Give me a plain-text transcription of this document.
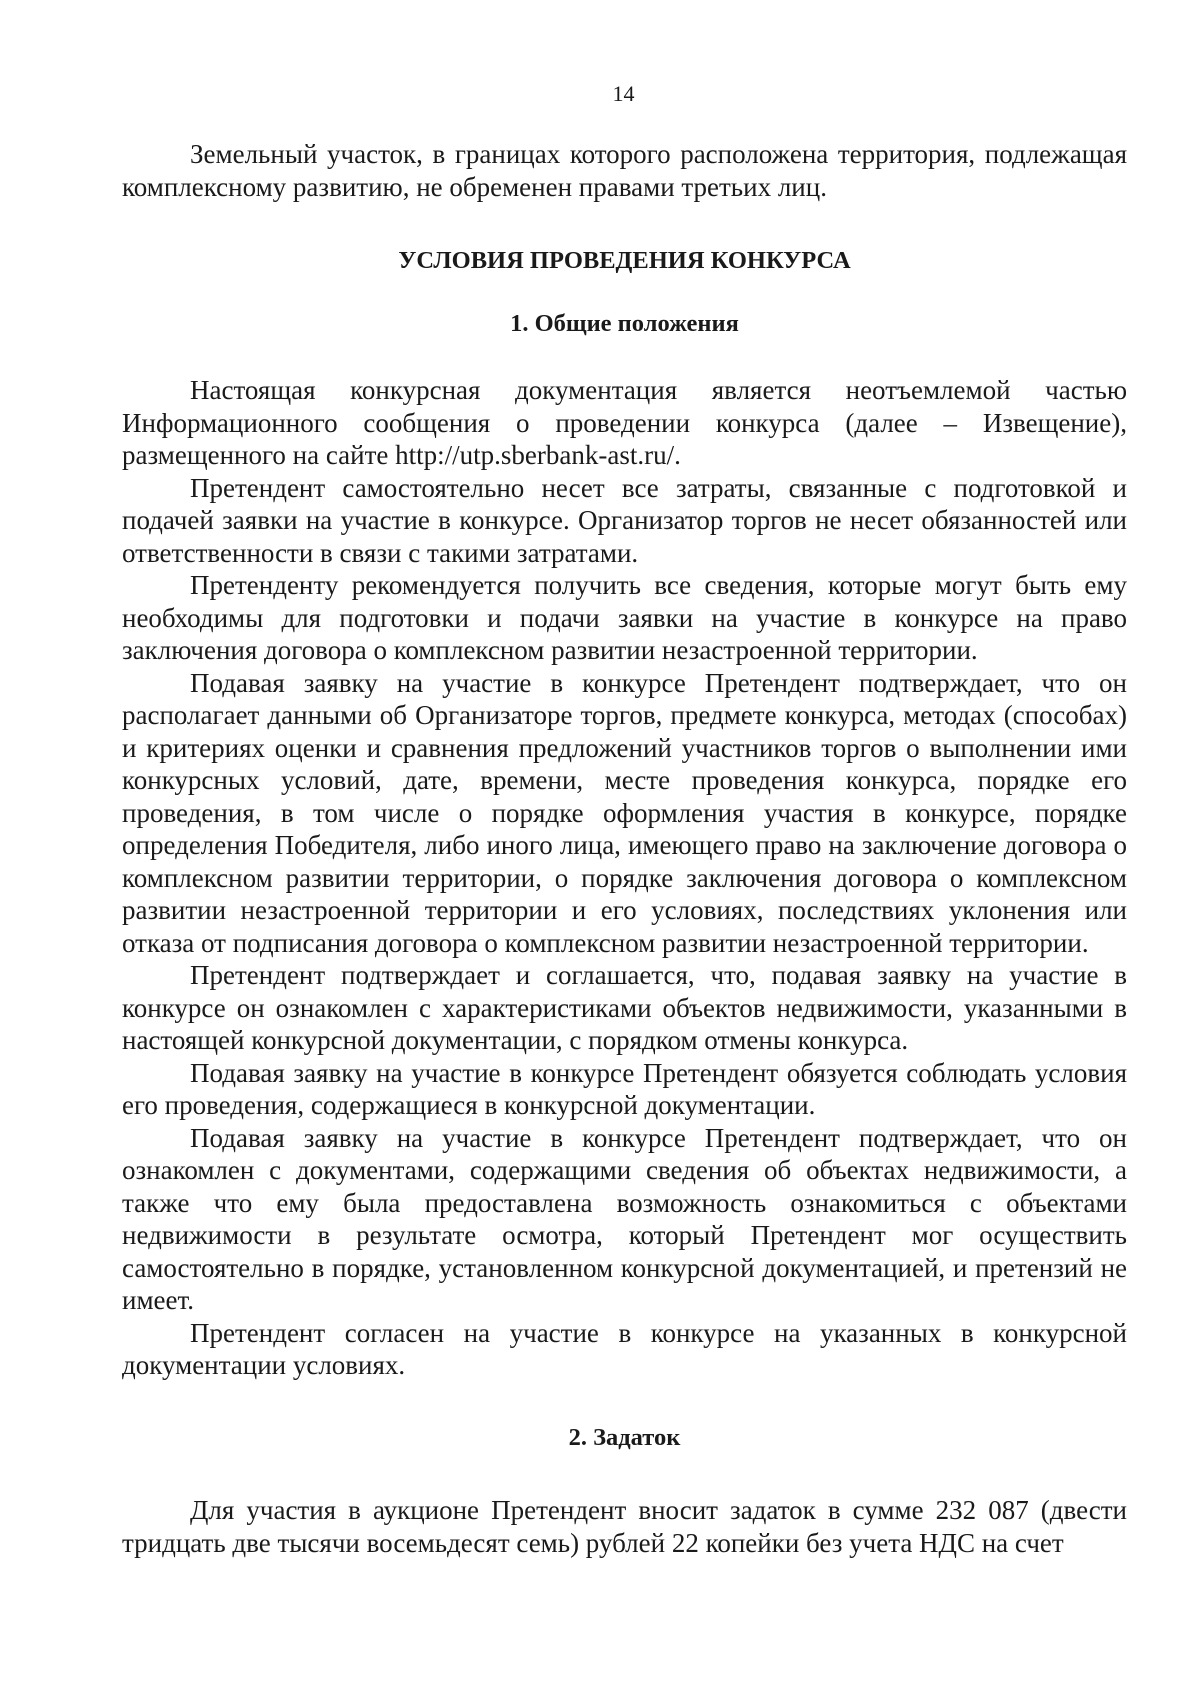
14

Земельный участок, в границах которого расположена территория, подлежащая комплексному развитию, не обременен правами третьих лиц.

УСЛОВИЯ ПРОВЕДЕНИЯ КОНКУРСА
1. Общие положения

Настоящая конкурсная документация является неотъемлемой частью Информационного сообщения о проведении конкурса (далее – Извещение), размещенного на сайте http://utp.sberbank-ast.ru/.

Претендент самостоятельно несет все затраты, связанные с подготовкой и подачей заявки на участие в конкурсе. Организатор торгов не несет обязанностей или ответственности в связи с такими затратами.

Претенденту рекомендуется получить все сведения, которые могут быть ему необходимы для подготовки и подачи заявки на участие в конкурсе на право заключения договора о комплексном развитии незастроенной территории.

Подавая заявку на участие в конкурсе Претендент подтверждает, что он располагает данными об Организаторе торгов, предмете конкурса, методах (способах) и критериях оценки и сравнения предложений участников торгов о выполнении ими конкурсных условий, дате, времени, месте проведения конкурса, порядке его проведения, в том числе о порядке оформления участия в конкурсе, порядке определения Победителя, либо иного лица, имеющего право на заключение договора о комплексном развитии территории, о порядке заключения договора о комплексном развитии незастроенной территории и его условиях, последствиях уклонения или отказа от подписания договора о комплексном развитии незастроенной территории.

Претендент подтверждает и соглашается, что, подавая заявку на участие в конкурсе он ознакомлен с характеристиками объектов недвижимости, указанными в настоящей конкурсной документации, с порядком отмены конкурса.

Подавая заявку на участие в конкурсе Претендент обязуется соблюдать условия его проведения, содержащиеся в конкурсной документации.

Подавая заявку на участие в конкурсе Претендент подтверждает, что он ознакомлен с документами, содержащими сведения об объектах недвижимости, а также что ему была предоставлена возможность ознакомиться с объектами недвижимости в результате осмотра, который Претендент мог осуществить самостоятельно в порядке, установленном конкурсной документацией, и претензий не имеет.

Претендент согласен на участие в конкурсе на указанных в конкурсной документации условиях.

2. Задаток

Для участия в аукционе Претендент вносит задаток в сумме 232 087 (двести тридцать две тысячи восемьдесят семь) рублей 22 копейки без учета НДС на счет
